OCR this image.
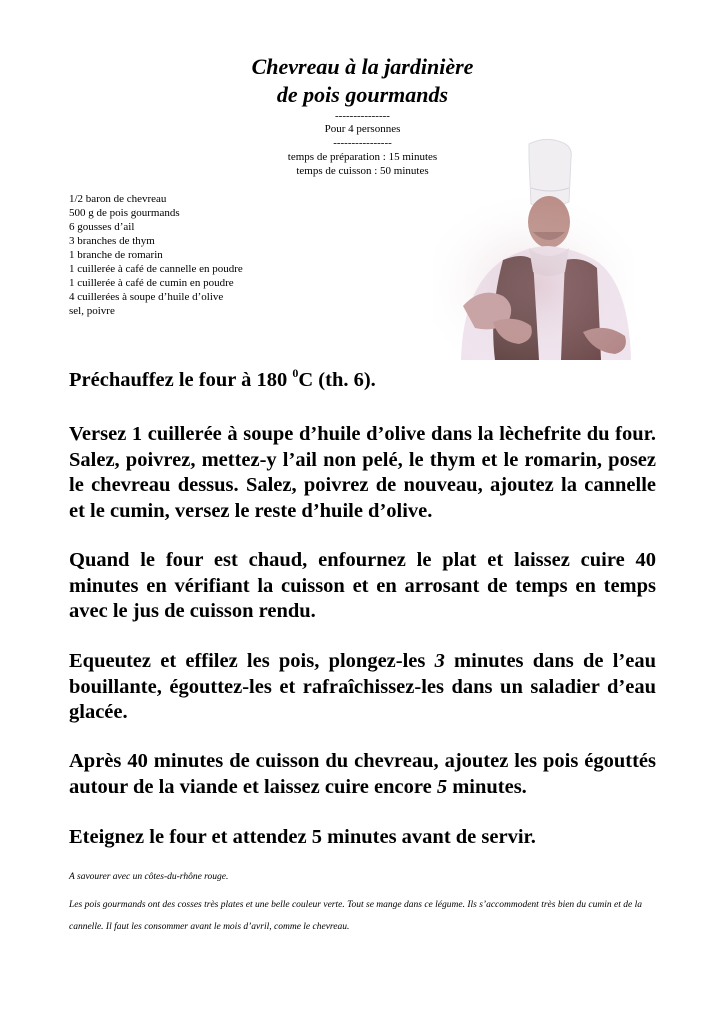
Chevreau à la jardinière
de pois gourmands
---------------
Pour 4 personnes
----------------
temps de préparation : 15 minutes
temps de cuisson : 50 minutes
1/2 baron de chevreau
500 g de pois gourmands
6 gousses d’ail
3 branches de thym
1 branche de romarin
1 cuillerée à café de cannelle en poudre
1 cuillerée à café de cumin en poudre
4 cuillerées à soupe d’huile d’olive
sel, poivre

Préchauffez le four à 180 $^0$C (th. 6).

Versez 1 cuillerée à soupe d’huile d’olive dans la lèchefrite du four. Salez, poivrez, mettez-y l’ail non pelé, le thym et le romarin, posez le chevreau dessus. Salez, poivrez de nouveau, ajoutez la cannelle et le cumin, versez le reste d’huile d’olive.

Quand le four est chaud, enfournez le plat et laissez cuire 40 minutes en vérifiant la cuisson et en arrosant de temps en temps avec le jus de cuisson rendu.

Equeutez et effilez les pois, plongez-les 3 minutes dans de l’eau bouillante, égouttez-les et rafraîchissez-les dans un saladier d’eau glacée.

Après 40 minutes de cuisson du chevreau, ajoutez les pois égouttés autour de la viande et laissez cuire encore 5 minutes.

Eteignez le four et attendez 5 minutes avant de servir.

A savourer avec un côtes-du-rhône rouge.

Les pois gourmands ont des cosses très plates et une belle couleur verte. Tout se mange dans ce légume. Ils s’accommodent très bien du cumin et de la cannelle. Il faut les consommer avant le mois d’avril, comme le chevreau.
